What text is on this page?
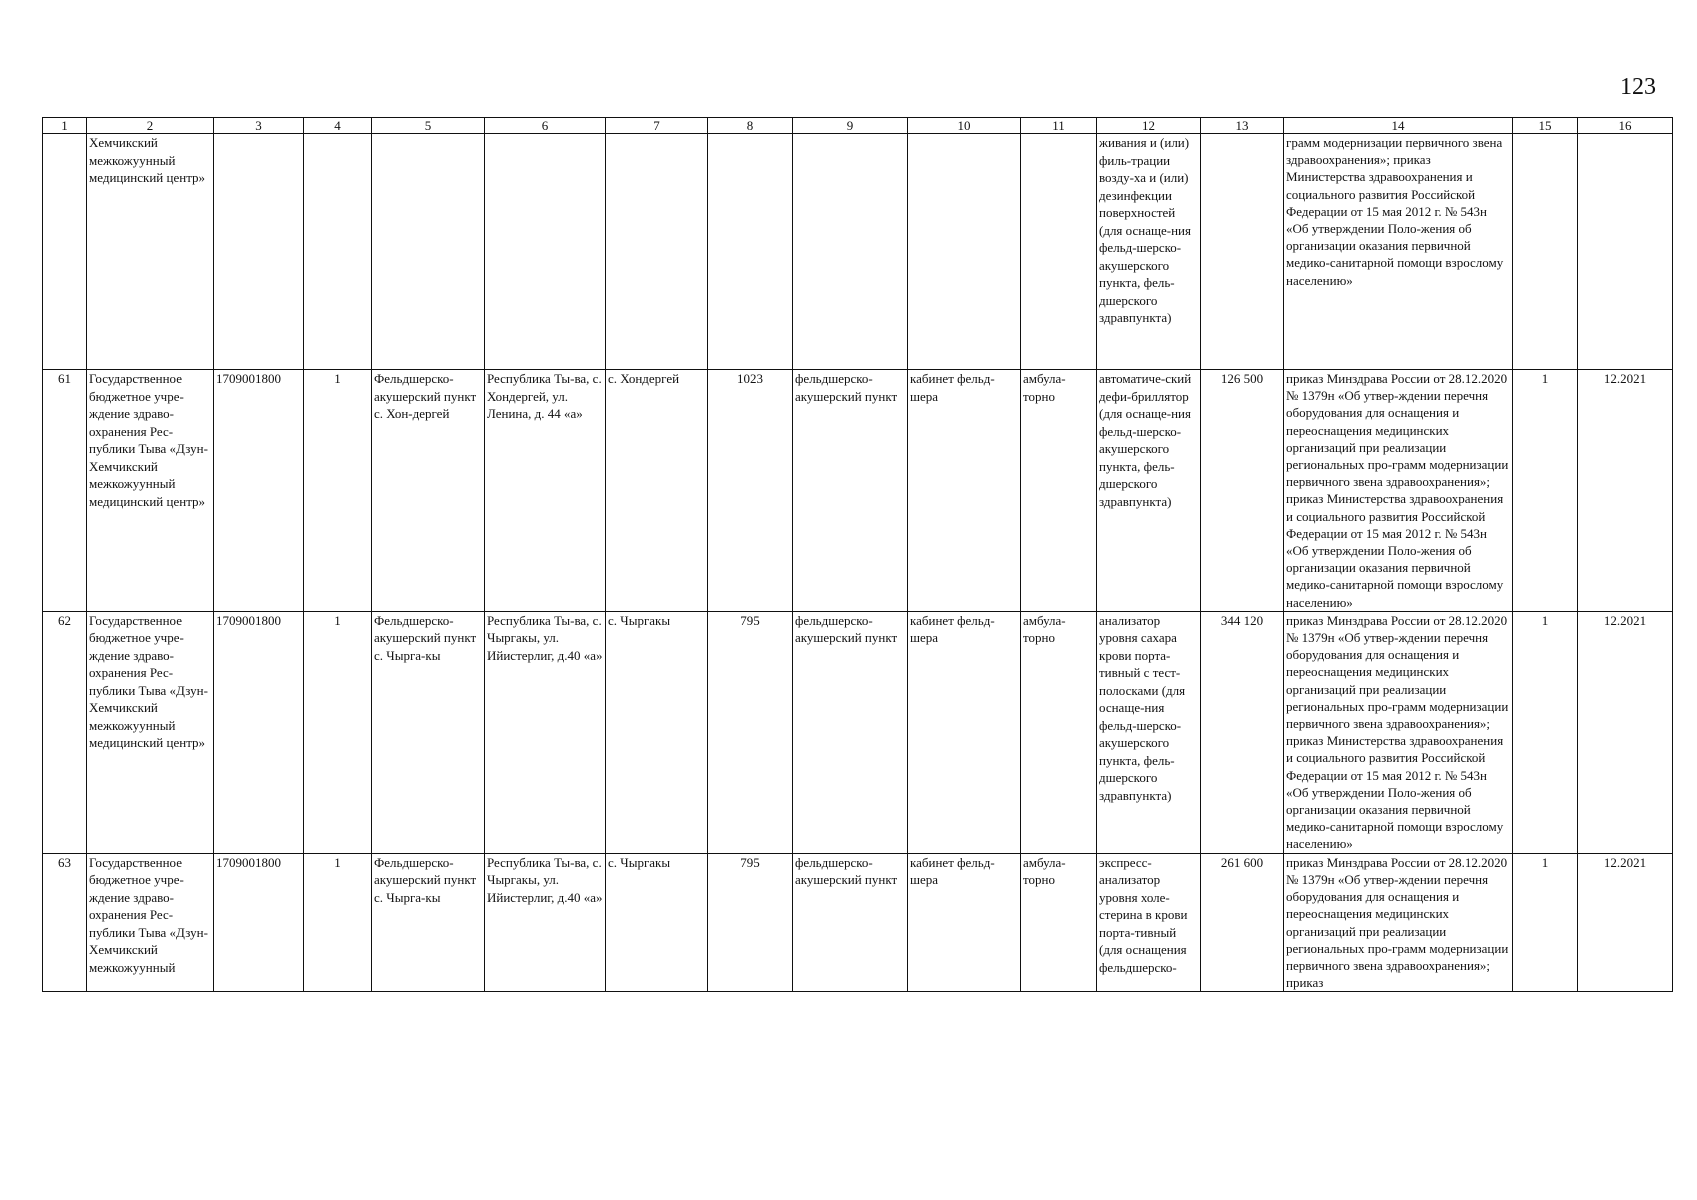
123
1	2	3	4	5	6	7	8	9	10	11	12	13	14	15	16
	Хемчикский межкожуунный медицинский центр»										живания и (или) филь-трации возду-ха и (или) дезинфекции поверхностей (для оснаще-ния фельд-шерско-акушерского пункта, фель-дшерского здравпункта)		грамм модернизации первичного звена здравоохранения»; приказ Министерства здравоохранения и социального развития Российской Федерации от 15 мая 2012 г. № 543н «Об утверждении Поло-жения об организации оказания первичной медико-санитарной помощи взрослому населению»		
61	Государственное бюджетное учре-ждение здраво-охранения Рес-публики Тыва «Дзун-Хемчикский межкожуунный медицинский центр»	1709001800	1	Фельдшерско-акушерский пункт с. Хон-дергей	Республика Ты-ва, с. Хондергей, ул. Ленина, д. 44 «а»	с. Хондергей	1023	фельдшерско-акушерский пункт	кабинет фельд-шера	амбула-торно	автоматиче-ский дефи-бриллятор (для оснаще-ния фельд-шерско-акушерского пункта, фель-дшерского здравпункта)	126 500	приказ Минздрава России от 28.12.2020 № 1379н «Об утвер-ждении перечня оборудования для оснащения и переоснащения медицинских организаций при реализации региональных про-грамм модернизации первичного звена здравоохранения»; приказ Министерства здравоохранения и социального развития Российской Федерации от 15 мая 2012 г. № 543н «Об утверждении Поло-жения об организации оказания первичной медико-санитарной помощи взрослому населению»	1	12.2021
62	Государственное бюджетное учре-ждение здраво-охранения Рес-публики Тыва «Дзун-Хемчикский межкожуунный медицинский центр»	1709001800	1	Фельдшерско-акушерский пункт с. Чырга-кы	Республика Ты-ва, с. Чыргакы, ул. Ийистерлиг, д.40 «а»	с. Чыргакы	795	фельдшерско-акушерский пункт	кабинет фельд-шера	амбула-торно	анализатор уровня сахара крови порта-тивный с тест-полосками (для оснаще-ния фельд-шерско-акушерского пункта, фель-дшерского здравпункта)	344 120	приказ Минздрава России от 28.12.2020 № 1379н «Об утвер-ждении перечня оборудования для оснащения и переоснащения медицинских организаций при реализации региональных про-грамм модернизации первичного звена здравоохранения»; приказ Министерства здравоохранения и социального развития Российской Федерации от 15 мая 2012 г. № 543н «Об утверждении Поло-жения об организации оказания первичной медико-санитарной помощи взрослому населению»	1	12.2021
63	Государственное бюджетное учре-ждение здраво-охранения Рес-публики Тыва «Дзун-Хемчикский межкожуунный	1709001800	1	Фельдшерско-акушерский пункт с. Чырга-кы	Республика Ты-ва, с. Чыргакы, ул. Ийистерлиг, д.40 «а»	с. Чыргакы	795	фельдшерско-акушерский пункт	кабинет фельд-шера	амбула-торно	экспресс-анализатор уровня холе-стерина в крови порта-тивный (для оснащения фельдшерско-	261 600	приказ Минздрава России от 28.12.2020 № 1379н «Об утвер-ждении перечня оборудования для оснащения и переоснащения медицинских организаций при реализации региональных про-грамм модернизации первичного звена здравоохранения»; приказ	1	12.2021
